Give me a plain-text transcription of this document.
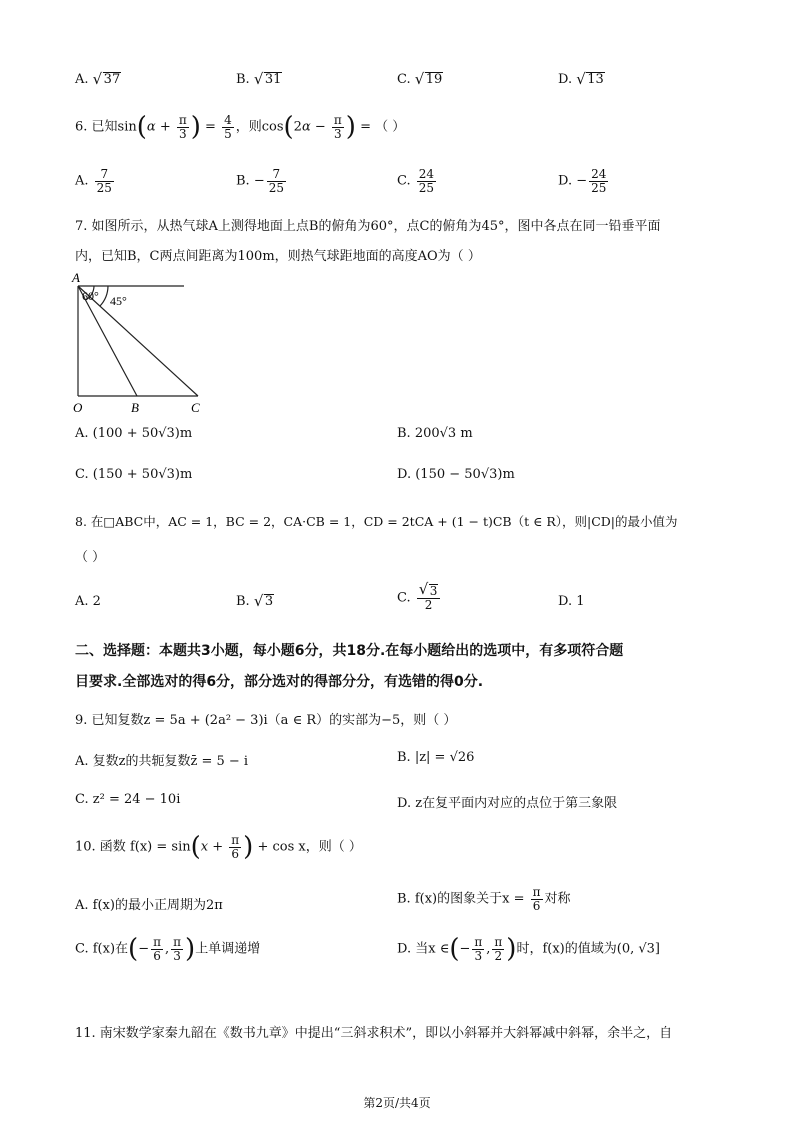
A. √ 37	B. √ 31	C. √ 19	D. √ 13
6. 已知$\sin(\alpha + \frac{\pi}{3}$ ) = $\frac{4}{5}$ ，则$\cos(2\alpha - \frac{\pi}{3}$ ) = （ ）
A. $\frac{7}{25}$	B. − $\frac{7}{25}$	C. $\frac{24}{25}$	D. − $\frac{24}{25}$
7. 如图所示，从热气球A上测得地面上点B的俯角为60°，点C的俯角为45°，图中各点在同一铅垂平面
内，已知B，C两点间距离为100m，则热气球距地面的高度AO为（ ）
A
60° 45°
O	B	C
A. (100 + 50√3)m	B. 200√3 m
C. (150 + 50√3)m	D. (150 − 50√3)m
8. 在□ABC中，AC = 1，BC = 2，CA·CB = 1，CD = 2tCA + (1 − t)CB（t ∈ R），则|CD|的最小值为
（ ）
A. 2	B. √ 3	C. √ $\frac{3}{2}$	D. 1
二、选择题：本题共3小题，每小题6分，共18分.在每小题给出的选项中，有多项符合题
目要求.全部选对的得6分，部分选对的得部分分，有选错的得0分.
9. 已知复数z = 5a + (2a² − 3)i（a ∈ R）的实部为−5，则（ ）
A. 复数z的共轭复数z̄ = 5 − i	B. |z| = √26
C. z² = 24 − 10i	D. z在复平面内对应的点位于第三象限
10. 函数 $f(x) = \sin(x + \frac{\pi}{6}$ ) + cos x，则（ ）
A. f(x)的最小正周期为2π	B. f(x)的图象关于$x = \frac{\pi}{6}$ 对称
C. f(x)在(− $\frac{\pi}{6}$ , $\frac{\pi}{3}$ )上单调递增	D. 当x ∈(− $\frac{\pi}{3}$ , $\frac{\pi}{2}$ )时，f(x)的值域为(0, √3]
11. 南宋数学家秦九韶在《数书九章》中提出“三斜求积术”，即以小斜幂并大斜幂减中斜幂，余半之，自
第2页/共4页
